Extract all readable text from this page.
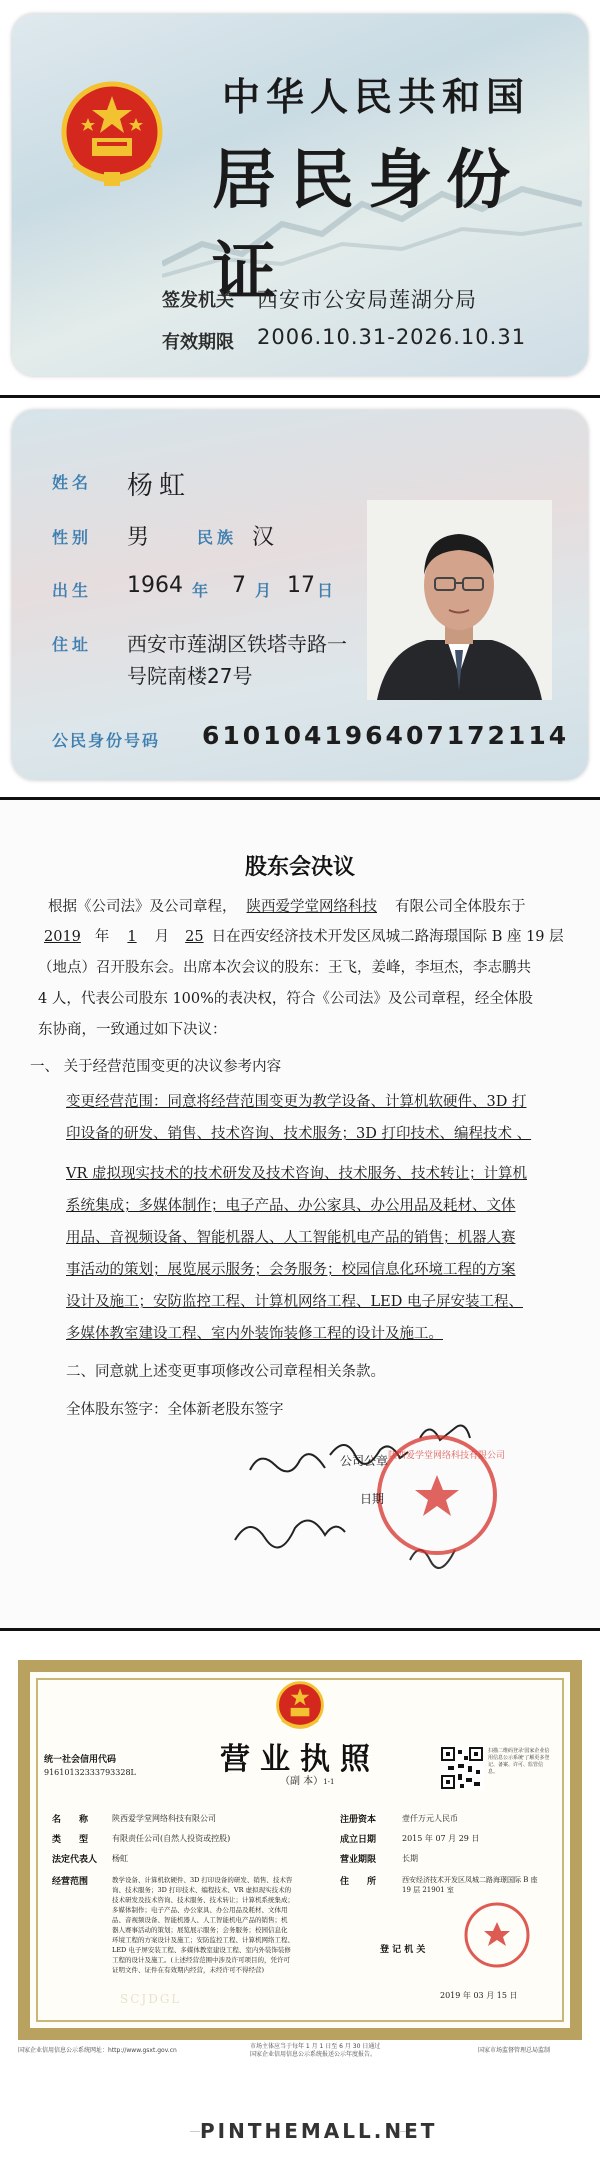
中华人民共和国
居民身份证
签发机关 西安市公安局莲湖分局
有效期限 2006.10.31-2026.10.31
姓名 杨虹
性别 男	民族 汉
出生 1964 年 7 月 17 日
住址 西安市莲湖区铁塔寺路一
号院南楼27号
公民身份号码 610104196407172114
股东会决议
根据《公司法》及公司章程， 陕西爱学堂网络科技 有限公司全体股东于
2019 年 1 月 25 日在西安经济技术开发区凤城二路海璟国际 B 座 19 层
（地点）召开股东会。出席本次会议的股东：王飞，姜峰，李垣杰，李志鹏共
4 人，代表公司股东 100%的表决权，符合《公司法》及公司章程，经全体股
东协商，一致通过如下决议：
一、 关于经营范围变更的决议参考内容
变更经营范围：同意将经营范围变更为教学设备、计算机软硬件、3D 打
印设备的研发、销售、技术咨询、技术服务；3D 打印技术、编程技术 、
VR 虚拟现实技术的技术研发及技术咨询、技术服务、技术转让；计算机
系统集成；多媒体制作；电子产品、办公家具、办公用品及耗材、文体
用品、音视频设备、智能机器人、人工智能机电产品的销售；机器人赛
事活动的策划；展览展示服务；会务服务；校园信息化环境工程的方案
设计及施工；安防监控工程、计算机网络工程、LED 电子屏安装工程、
多媒体教室建设工程、室内外装饰装修工程的设计及施工。
二、同意就上述变更事项修改公司章程相关条款。
全体股东签字：全体新老股东签字
陕西爱学堂网络科技有限公司
公司公章
日期
营业执照
（副 本）1-1
统一社会信用代码
91610132333793328L
扫描二维码登录'国家企业信用信息公示系统'了解更多登记、备案、许可、监管信息。
名　　称	陕西爱学堂网络科技有限公司
类　　型	有限责任公司(自然人投资或控股)
法定代表人 杨虹
经营范围	教学设备、计算机软硬件、3D 打印设备的研发、销售、技术咨
询、技术服务；3D 打印技术、编程技术、VR 虚拟现实技术的
技术研发及技术咨询、技术服务、技术转让；计算机系统集成；
多媒体制作；电子产品、办公家具、办公用品及耗材、文体用
品、音视频设备、智能机器人、人工智能机电产品的销售；机
器人赛事活动的策划；展览展示服务；会务服务；校园信息化
环境工程的方案设计及施工；安防监控工程、计算机网络工程、
LED 电子屏安装工程、多媒体教室建设工程、室内外装饰装修
工程的设计及施工。(上述经营范围中涉及许可项目的，凭许可
证明文件、证件在有效期内经营，未经许可不得经营)
注册资本	壹仟万元人民币
成立日期	2015 年 07 月 29 日
营业期限	长期
住　　所	西安经济技术开发区凤城二路海璟国际 B 座
19 层 21901 室
登 记 机 关
2019 年 03 月 15 日
SCJDGL
国家企业信用信息公示系统网址：http://www.gsxt.gov.cn
市场主体应当于每年 1 月 1 日至 6 月 30 日通过
国家企业信用信息公示系统报送公示年度报告。
国家市场监督管理总局监制
PINTHEMALL.NET
